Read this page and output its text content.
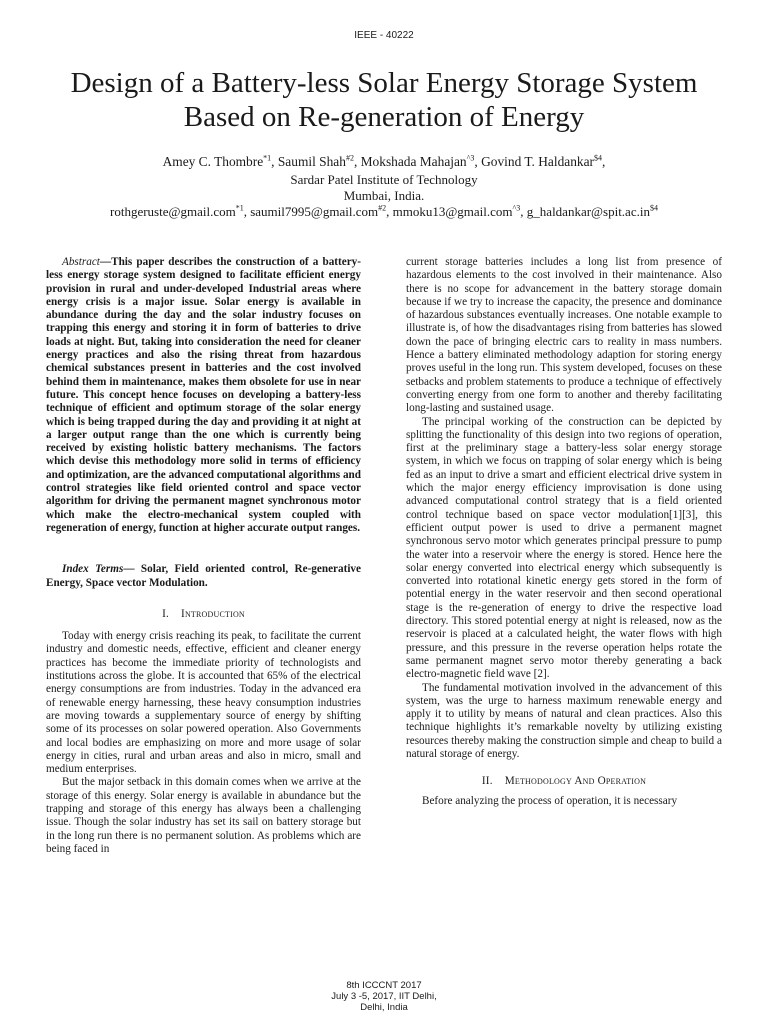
IEEE - 40222
Design of a Battery-less Solar Energy Storage System
Based on Re-generation of Energy
Amey C. Thombre$^{*1}$, Saumil Shah$^{\#2}$, Mokshada Mahajan$^{\^{}3}$, Govind T. Haldankar$^{\$4}$,
Sardar Patel Institute of Technology
Mumbai, India.
rothgeruste@gmail.com$^{*1}$, saumil7995@gmail.com$^{\#2}$, mmoku13@gmail.com$^{\^{}3}$, $g\_haldankar@spit.ac.in^{\$4}$

Abstract—This paper describes the construction of a battery-less energy storage system designed to facilitate efficient energy provision in rural and under-developed Industrial areas where energy crisis is a major issue. Solar energy is available in abundance during the day and the solar industry focuses on trapping this energy and storing it in form of batteries to drive loads at night. But, taking into consideration the need for cleaner energy practices and also the rising threat from hazardous chemical substances present in batteries and the cost involved behind them in maintenance, makes them obsolete for use in near future. This concept hence focuses on developing a battery-less technique of efficient and optimum storage of the solar energy which is being trapped during the day and providing it at night at a larger output range than the one which is currently being received by existing holistic battery mechanisms. The factors which devise this methodology more solid in terms of efficiency and optimization, are the advanced computational algorithms and control strategies like field oriented control and space vector algorithm for driving the permanent magnet synchronous motor which make the electro-mechanical system coupled with regeneration of energy, function at higher accurate output ranges.

Index Terms— Solar, Field oriented control, Re-generative Energy, Space vector Modulation.

I. Introduction

Today with energy crisis reaching its peak, to facilitate the current industry and domestic needs, effective, efficient and cleaner energy practices has become the immediate priority of technologists and institutions across the globe. It is accounted that 65% of the electrical energy consumptions are from industries. Today in the advanced era of renewable energy harnessing, these heavy consumption industries are moving towards a supplementary source of energy by shifting some of its processes on solar powered operation. Also Governments and local bodies are emphasizing on more and more usage of solar energy in cities, rural and urban areas and also in micro, small and medium enterprises.

But the major setback in this domain comes when we arrive at the storage of this energy. Solar energy is available in abundance but the trapping and storage of this energy has always been a challenging issue. Though the solar industry has set its sail on battery storage but in the long run there is no permanent solution. As problems which are being faced in

current storage batteries includes a long list from presence of hazardous elements to the cost involved in their maintenance. Also there is no scope for advancement in the battery storage domain because if we try to increase the capacity, the presence and dominance of hazardous substances eventually increases. One notable example to illustrate is, of how the disadvantages rising from batteries has slowed down the pace of bringing electric cars to reality in mass numbers. Hence a battery eliminated methodology adaption for storing energy proves useful in the long run. This system developed, focuses on these setbacks and problem statements to produce a technique of effectively converting energy from one form to another and thereby facilitating long-lasting and sustained usage.

The principal working of the construction can be depicted by splitting the functionality of this design into two regions of operation, first at the preliminary stage a battery-less solar energy storage system, in which we focus on trapping of solar energy which is being fed as an input to drive a smart and efficient electrical drive system in which the major energy efficiency improvisation is done using advanced computational control strategy that is a field oriented control technique based on space vector modulation[1][3], this efficient output power is used to drive a permanent magnet synchronous servo motor which generates principal pressure to pump the water into a reservoir where the energy is stored. Hence here the solar energy converted into electrical energy which subsequently is converted into rotational kinetic energy gets stored in the form of potential energy in the water reservoir and then second operational stage is the re-generation of energy to drive the respective load directory. This stored potential energy at night is released, now as the reservoir is placed at a calculated height, the water flows with high pressure, and this pressure in the reverse operation helps rotate the same permanent magnet servo motor thereby generating a back electro-magnetic field wave [2].

The fundamental motivation involved in the advancement of this system, was the urge to harness maximum renewable energy and apply it to utility by means of natural and clean practices. Also this technique highlights it’s remarkable novelty by utilizing existing resources thereby making the construction simple and cheap to build a natural storage of energy.

II. Methodology And Operation

Before analyzing the process of operation, it is necessary

8th ICCCNT 2017
July 3 -5, 2017, IIT Delhi,
Delhi, India
